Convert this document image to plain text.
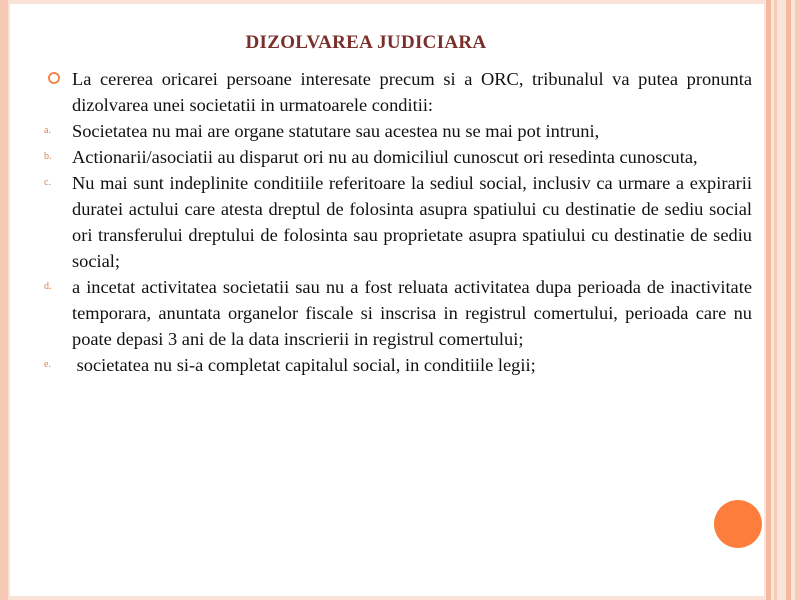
DIZOLVAREA JUDICIARA
La cererea oricarei persoane interesate precum si a ORC, tribunalul va putea pronunta dizolvarea unei societatii in urmatoarele conditii:
a.	Societatea nu mai are organe statutare sau acestea nu se mai pot intruni,
b.	Actionarii/asociatii au disparut ori nu au domiciliul cunoscut ori resedinta cunoscuta,
c.	Nu mai sunt indeplinite conditiile referitoare la sediul social, inclusiv ca urmare a expirarii duratei actului care atesta dreptul de folosinta asupra spatiului cu destinatie de sediu social ori transferului dreptului de folosinta sau proprietate asupra spatiului cu destinatie de sediu social;
d.	a incetat activitatea societatii sau nu a fost reluata activitatea dupa perioada de inactivitate temporara, anuntata organelor fiscale si inscrisa in registrul comertului, perioada care nu poate depasi 3 ani de la data inscrierii in registrul comertului;
e.	societatea nu si-a completat capitalul social, in conditiile legii;
